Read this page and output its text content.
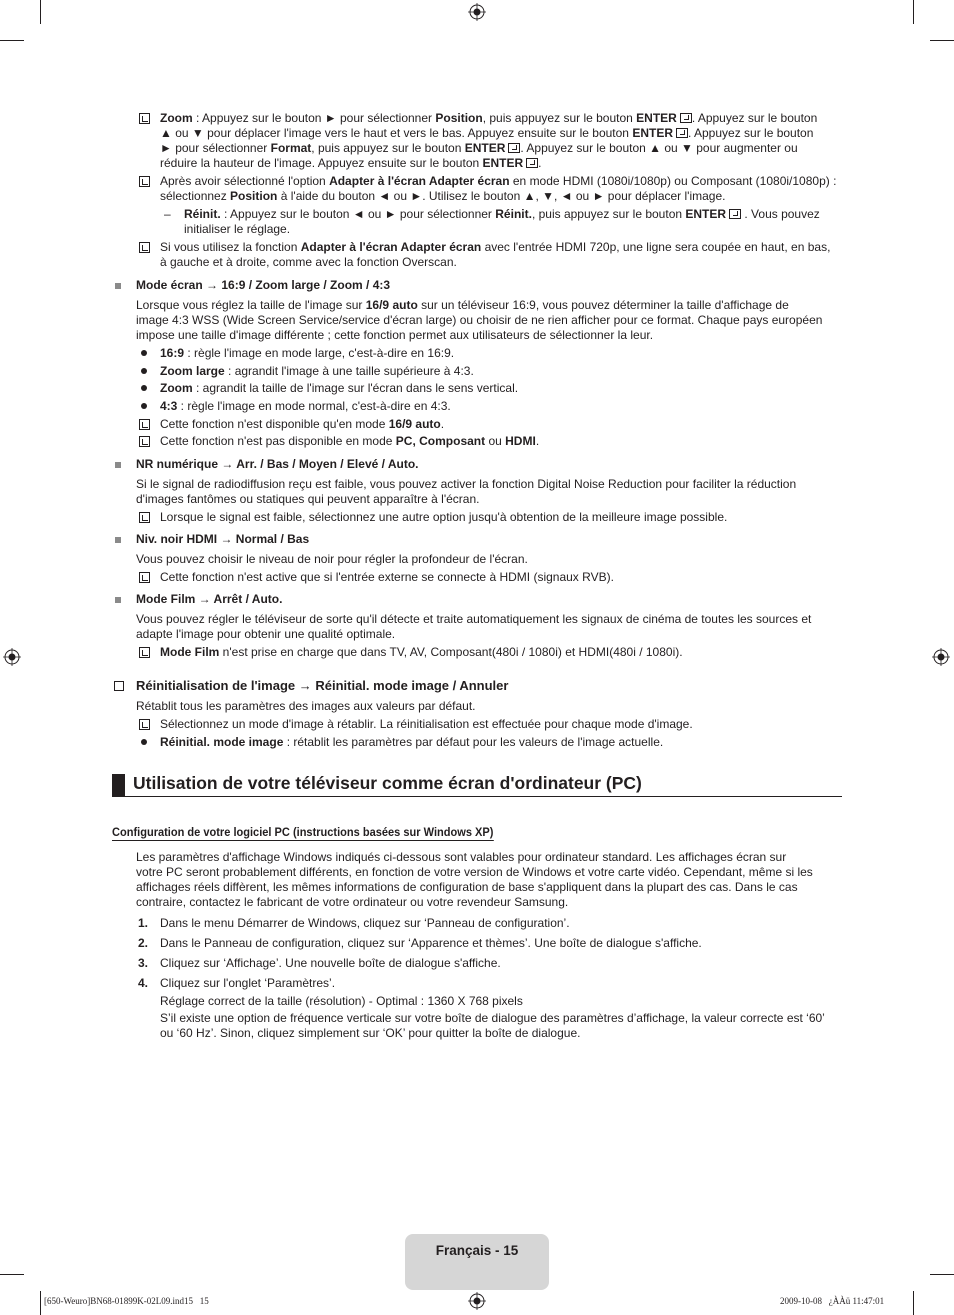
Zoom : Appuyez sur le bouton ► pour sélectionner Position, puis appuyez sur le bouton ENTER . Appuyez sur le bouton
▲ ou ▼ pour déplacer l'image vers le haut et vers le bas. Appuyez ensuite sur le bouton ENTER . Appuyez sur le bouton
► pour sélectionner Format, puis appuyez sur le bouton ENTER . Appuyez sur le bouton ▲ ou ▼ pour augmenter ou
réduire la hauteur de l'image. Appuyez ensuite sur le bouton ENTER .
Après avoir sélectionné l'option Adapter à l'écran Adapter écran en mode HDMI (1080i/1080p) ou Composant (1080i/1080p) :
sélectionnez Position à l'aide du bouton ◄ ou ►. Utilisez le bouton ▲, ▼, ◄ ou ► pour déplacer l'image.
– Réinit. : Appuyez sur le bouton ◄ ou ► pour sélectionner Réinit., puis appuyez sur le bouton ENTER . Vous pouvez
initialiser le réglage.
Si vous utilisez la fonction Adapter à l'écran Adapter écran avec l'entrée HDMI 720p, une ligne sera coupée en haut, en bas,
à gauche et à droite, comme avec la fonction Overscan.
Mode écran → 16:9 / Zoom large / Zoom / 4:3
Lorsque vous réglez la taille de l'image sur 16/9 auto sur un téléviseur 16:9, vous pouvez déterminer la taille d'affichage de
image 4:3 WSS (Wide Screen Service/service d'écran large) ou choisir de ne rien afficher pour ce format. Chaque pays européen
impose une taille d'image différente ; cette fonction permet aux utilisateurs de sélectionner la leur.
16:9 : règle l'image en mode large, c'est-à-dire en 16:9.
Zoom large : agrandit l'image à une taille supérieure à 4:3.
Zoom : agrandit la taille de l'image sur l'écran dans le sens vertical.
4:3 : règle l'image en mode normal, c'est-à-dire en 4:3.
Cette fonction n'est disponible qu'en mode 16/9 auto.
Cette fonction n'est pas disponible en mode PC, Composant ou HDMI.
NR numérique → Arr. / Bas / Moyen / Elevé / Auto.
Si le signal de radiodiffusion reçu est faible, vous pouvez activer la fonction Digital Noise Reduction pour faciliter la réduction
d'images fantômes ou statiques qui peuvent apparaître à l'écran.
Lorsque le signal est faible, sélectionnez une autre option jusqu'à obtention de la meilleure image possible.
Niv. noir HDMI → Normal / Bas
Vous pouvez choisir le niveau de noir pour régler la profondeur de l'écran.
Cette fonction n'est active que si l'entrée externe se connecte à HDMI (signaux RVB).
Mode Film → Arrêt / Auto.
Vous pouvez régler le téléviseur de sorte qu'il détecte et traite automatiquement les signaux de cinéma de toutes les sources et
adapte l'image pour obtenir une qualité optimale.
Mode Film n'est prise en charge que dans TV, AV, Composant(480i / 1080i) et HDMI(480i / 1080i).
Réinitialisation de l'image → Réinitial. mode image / Annuler
Rétablit tous les paramètres des images aux valeurs par défaut.
Sélectionnez un mode d'image à rétablir. La réinitialisation est effectuée pour chaque mode d'image.
Réinitial. mode image : rétablit les paramètres par défaut pour les valeurs de l'image actuelle.
Utilisation de votre téléviseur comme écran d'ordinateur (PC)
Configuration de votre logiciel PC (instructions basées sur Windows XP)
Les paramètres d'affichage Windows indiqués ci-dessous sont valables pour ordinateur standard. Les affichages écran sur
votre PC seront probablement différents, en fonction de votre version de Windows et votre carte vidéo. Cependant, même si les
affichages réels diffèrent, les mêmes informations de configuration de base s'appliquent dans la plupart des cas. Dans le cas
contraire, contactez le fabricant de votre ordinateur ou votre revendeur Samsung.
1. Dans le menu Démarrer de Windows, cliquez sur ‘Panneau de configuration’.
2. Dans le Panneau de configuration, cliquez sur ‘Apparence et thèmes’. Une boîte de dialogue s'affiche.
3. Cliquez sur ‘Affichage’. Une nouvelle boîte de dialogue s'affiche.
4. Cliquez sur l'onglet ‘Paramètres’.
Réglage correct de la taille (résolution) - Optimal : 1360 X 768 pixels
S’il existe une option de fréquence verticale sur votre boîte de dialogue des paramètres d’affichage, la valeur correcte est ‘60’
ou ‘60 Hz’. Sinon, cliquez simplement sur ‘OK’ pour quitter la boîte de dialogue.
Français - 15
[650-Weuro]BN68-01899K-02L09.ind15   15	2009-10-08   ¿ÀÀü 11:47:01
